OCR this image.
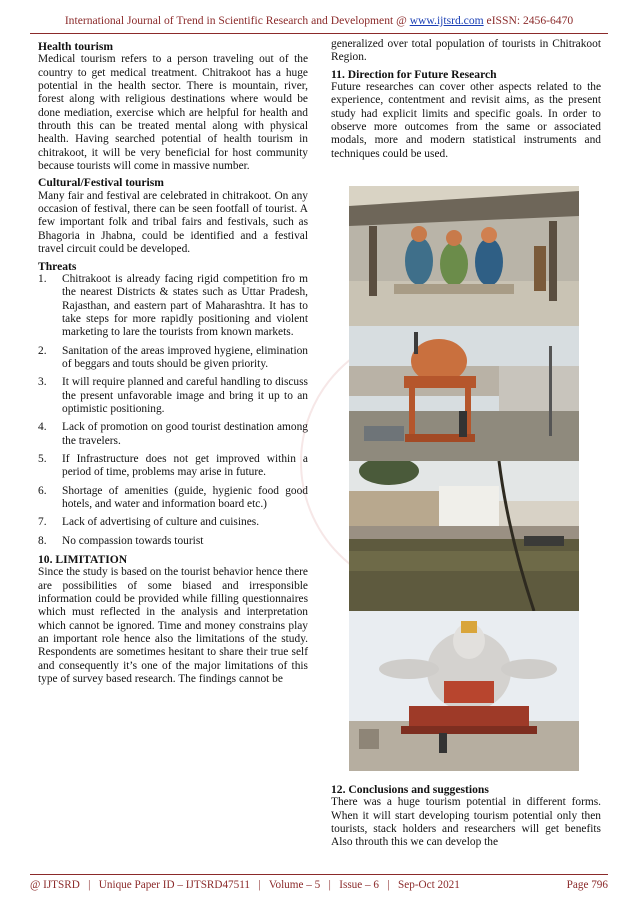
International Journal of Trend in Scientific Research and Development @ www.ijtsrd.com eISSN: 2456-6470
Health tourism

Medical tourism refers to a person traveling out of the country to get medical treatment. Chitrakoot has a huge potential in the health sector. There is mountain, river, forest along with religious destinations where would be done mediation, exercise which are helpful for health and throuth this can be treated mental along with physical health. Having searched potential of health tourism in chitrakoot, it will be very beneficial for host community because tourists will come in massive number.

Cultural/Festival tourism

Many fair and festival are celebrated in chitrakoot. On any occasion of festival, there can be seen footfall of tourist. A few important folk and tribal fairs and festivals, such as Bhagoria in Jhabna, could be identified and a festival travel circuit could be developed.

Threats
1.	Chitrakoot is already facing rigid competition fro m the nearest Districts & states such as Uttar Pradesh, Rajasthan, and eastern part of Maharashtra. It has to take steps for more rapidly positioning and violent marketing to lare the tourists from known markets.
2.	Sanitation of the areas improved hygiene, elimination of beggars and touts should be given priority.
3.	It will require planned and careful handling to discuss the present unfavorable image and bring it up to an optimistic positioning.
4.	Lack of promotion on good tourist destination among the travelers.
5.	If Infrastructure does not get improved within a period of time, problems may arise in future.
6.	Shortage of amenities (guide, hygienic food good hotels, and water and information board etc.)
7.	Lack of advertising of culture and cuisines.
8.	No compassion towards tourist
10. LIMITATION

Since the study is based on the tourist behavior hence there are possibilities of some biased and irresponsible information could be provided while filling questionnaires which must reflected in the analysis and interpretation which cannot be ignored. Time and money constrains play an important role hence also the limitations of the study. Respondents are sometimes hesitant to share their true self and consequently it’s one of the major limitations of this type of survey based research. The findings cannot be

generalized over total population of tourists in Chitrakoot Region.

11. Direction for Future Research

Future researches can cover other aspects related to the experience, contentment and revisit aims, as the present study had explicit limits and specific goals. In order to observe more outcomes from the same or associated modals, more and modern statistical instruments and techniques could be used.

12. Conclusions and suggestions

There was a huge tourism potential in different forms. When it will start developing tourism potential only then tourists, stack holders and researchers will get benefits Also throuth this we can develop the

@ IJTSRD   |   Unique Paper ID – IJTSRD47511   |   Volume – 5   |   Issue – 6   |   Sep-Oct 2021	Page 796
